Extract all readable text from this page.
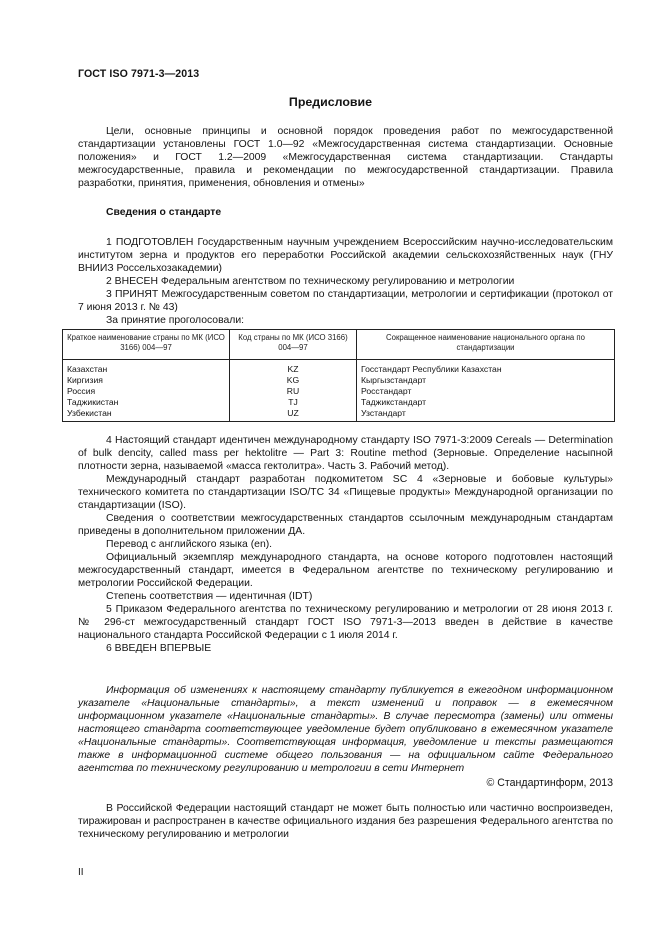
ГОСТ ISO 7971-3—2013
Предисловие

Цели, основные принципы и основной порядок проведения работ по межгосударственной стандартизации установлены ГОСТ 1.0—92 «Межгосударственная система стандартизации. Основные положения» и ГОСТ 1.2—2009 «Межгосударственная система стандартизации. Стандарты межгосударственные, правила и рекомендации по межгосударственной стандартизации. Правила разработки, принятия, применения, обновления и отмены»

Сведения о стандарте

1 ПОДГОТОВЛЕН Государственным научным учреждением Всероссийским научно-исследовательским институтом зерна и продуктов его переработки Российской академии сельскохозяйственных наук (ГНУ ВНИИЗ Россельхозакадемии)

2 ВНЕСЕН Федеральным агентством по техническому регулированию и метрологии

3 ПРИНЯТ Межгосударственным советом по стандартизации, метрологии и сертификации (протокол от 7 июня 2013 г. № 43)

За принятие проголосовали:

Краткое наименование страны по МК (ИСО 3166) 004—97	Код страны по МК (ИСО 3166) 004—97	Сокращенное наименование национального органа по стандартизации
Казахстан	KZ	Госстандарт Республики Казахстан
Киргизия	KG	Кыргызстандарт
Россия	RU	Росстандарт
Таджикистан	TJ	Таджикстандарт
Узбекистан	UZ	Узстандарт

4 Настоящий стандарт идентичен международному стандарту ISO 7971-3:2009 Cereals — Determination of bulk dencity, called mass per hektolitre — Part 3: Routine method (Зерновые. Определение насыпной плотности зерна, называемой «масса гектолитра». Часть 3. Рабочий метод).

Международный стандарт разработан подкомитетом SC 4 «Зерновые и бобовые культуры» технического комитета по стандартизации ISO/TC 34 «Пищевые продукты» Международной организации по стандартизации (ISO).

Сведения о соответствии межгосударственных стандартов ссылочным международным стандартам приведены в дополнительном приложении ДА.

Перевод с английского языка (en).

Официальный экземпляр международного стандарта, на основе которого подготовлен настоящий межгосударственный стандарт, имеется в Федеральном агентстве по техническому регулированию и метрологии Российской Федерации.

Степень соответствия — идентичная (IDT)

5 Приказом Федерального агентства по техническому регулированию и метрологии от 28 июня 2013 г. № 296-ст межгосударственный стандарт ГОСТ ISO 7971-3—2013 введен в действие в качестве национального стандарта Российской Федерации с 1 июля 2014 г.

6 ВВЕДЕН ВПЕРВЫЕ

Информация об изменениях к настоящему стандарту публикуется в ежегодном информационном указателе «Национальные стандарты», а текст изменений и поправок — в ежемесячном информационном указателе «Национальные стандарты». В случае пересмотра (замены) или отмены настоящего стандарта соответствующее уведомление будет опубликовано в ежемесячном указателе «Национальные стандарты». Соответствующая информация, уведомление и тексты размещаются также в информационной системе общего пользования — на официальном сайте Федерального агентства по техническому регулированию и метрологии в сети Интернет

© Стандартинформ, 2013

В Российской Федерации настоящий стандарт не может быть полностью или частично воспроизведен, тиражирован и распространен в качестве официального издания без разрешения Федерального агентства по техническому регулированию и метрологии

II
